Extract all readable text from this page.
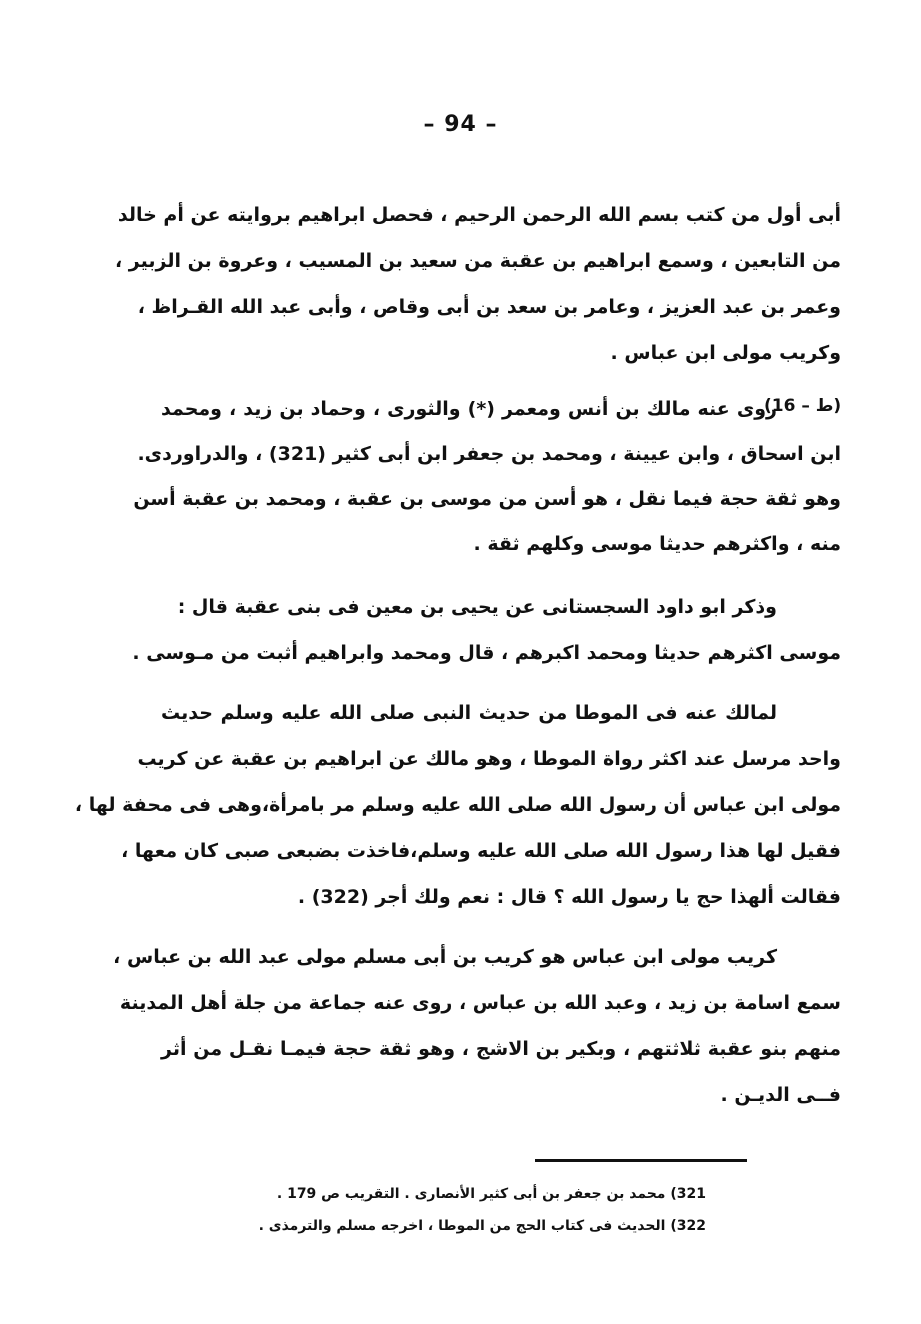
– 94 –
أبى أول من كتب بسم الله الرحمن الرحيم ، فحصل ابراهيم بروايته عن أم خالد
من التابعين ، وسمع ابراهيم بن عقبة من سعيد بن المسيب ، وعروة بن الزبير ،
وعمر بن عبد العزيز ، وعامر بن سعد بن أبى وقاص ، وأبى عبد الله القـراظ ،
وكريب مولى ابن عباس .
(16 – ط)
روى عنه مالك بن أنس ومعمر (*) والثورى ، وحماد بن زيد ، ومحمد
ابن اسحاق ، وابن عيينة ، ومحمد بن جعفر ابن أبى كثير (321) ، والدراوردى.
وهو ثقة حجة فيما نقل ، هو أسن من موسى بن عقبة ، ومحمد بن عقبة أسن
منه ، واكثرهم حديثا موسى وكلهم ثقة .
وذكر ابو داود السجستانى عن يحيى بن معين فى بنى عقبة قال :
موسى اكثرهم حديثا ومحمد اكبرهم ، قال ومحمد وابراهيم أثبت من مـوسى .
لمالك عنه فى الموطا من حديث النبى صلى الله عليه وسلم حديث
واحد مرسل عند اكثر رواة الموطا ، وهو مالك عن ابراهيم بن عقبة عن كريب
مولى ابن عباس أن رسول الله صلى الله عليه وسلم مر بامرأة،وهى فى محفة لها ،
فقيل لها هذا رسول الله صلى الله عليه وسلم،فاخذت بضبعى صبى كان معها ،
فقالت ألهذا حج يا رسول الله ؟ قال : نعم ولك أجر (322) .
كريب مولى ابن عباس هو كريب بن أبى مسلم مولى عبد الله بن عباس ،
سمع اسامة بن زيد ، وعبد الله بن عباس ، روى عنه جماعة من جلة أهل المدينة
منهم بنو عقبة ثلاثتهم ، وبكير بن الاشج ، وهو ثقة حجة فيمـا نقـل من أثر
فــى الديـن .
321) محمد بن جعفر بن أبى كثير الأنصارى . التقريب ص 179 .
322) الحديث فى كتاب الحج من الموطا ، اخرجه مسلم والترمذى .
